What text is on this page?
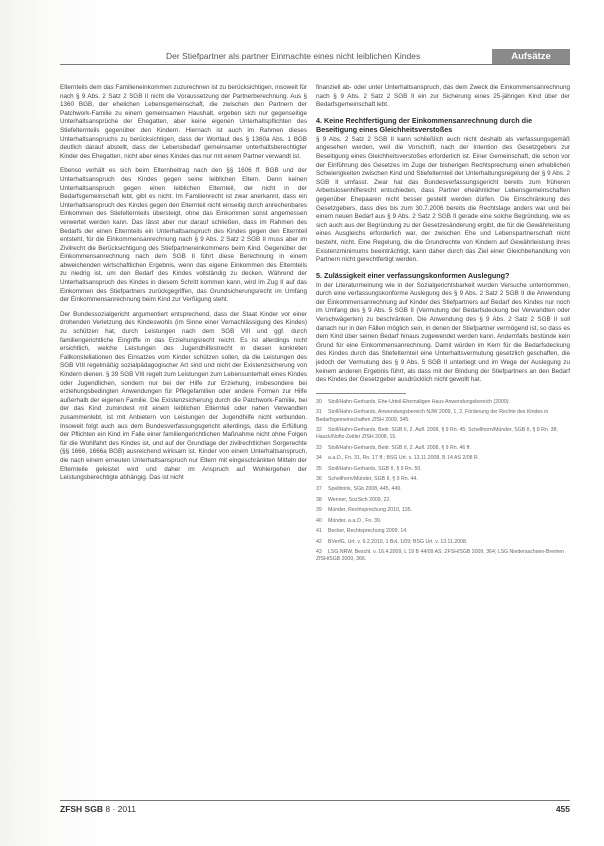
Der Stiefpartner als partner Einmachte eines nicht leiblichen Kindes	Aufsätze

Elternteils dem das Familieneinkommen zuzurechnen ist zu berücksichtigen, insoweit für nach § 9 Abs. 2 Satz 2 SGB II nicht die Voraussetzung der Partnerberechnung. Aus § 1360 BGB, der ehelichen Lebensgemeinschaft, die zwischen den Partnern der Patchwork-Familie zu einem gemeinsamen Haushalt, ergeben sich nur gegenseitige Unterhaltsansprüche der Ehegatten, aber keine eigenen Unterhaltspflichten des Stiefelternteils gegenüber den Kindern. Hiernach ist auch im Rahmen dieses Unterhaltsanspruchs zu berücksichtigen, dass der Wortlaut des § 1360a Abs. 1 BGB deutlich darauf abstellt, dass der Lebensbedarf gemeinsamer unterhaltsberechtigter Kinder des Ehegatten, nicht aber eines Kindes das nur mit einem Partner verwandt ist.

Ebenso verhält es sich beim Elternbeitrag nach den §§ 1606 ff. BGB und der Unterhaltsanspruch des Kindes gegen seine leiblichen Eltern. Denn keinen Unterhaltsanspruch gegen einen leiblichen Elternteil, der nicht in der Bedarfsgemeinschaft lebt, gibt es nicht. Im Familienrecht ist zwar anerkannt, dass ein Unterhaltsanspruch des Kindes gegen den Elternteil nicht einseitig durch anrechenbares Einkommen des Stiefelternteils übersteigt, ohne das Einkommen sonst angemessen verwertet werden kann. Das lässt aber nur darauf schließen, dass im Rahmen des Bedarfs der einen Elternteils ein Unterhaltsanspruch des Kindes gegen den Elternteil entsteht, für die Einkommensanrechnung nach § 9 Abs. 2 Satz 2 SGB II muss aber im Zivilrecht die Berücksichtigung des Stiefpartnereinkommens beim Kind. Gegenüber der Einkommensanrechnung nach dem SGB II führt diese Berechnung in einem abweichenden wirtschaftlichen Ergebnis, wenn das eigene Einkommen des Elternteils zu niedrig ist, um den Bedarf des Kindes vollständig zu decken. Während der Unterhaltsanspruch des Kindes in diesem Schritt kommen kann, wird im Zug II auf das Einkommen des Stiefpartners zurückgegriffen, das Grundsicherungsrecht im Umfang der Einkommensanrechnung beim Kind zur Verfügung steht.

Der Bundessozialgericht argumentiert entsprechend, dass der Staat Kinder vor einer drohenden Verletzung des Kindeswohls (im Sinne einer Vernachlässigung des Kindes) zu schützen hat, durch Leistungen nach dem SGB VIII und ggf. durch familiengerichtliche Eingriffe in das Erziehungsrecht reicht. Es ist allerdings nicht ersichtlich, welche Leistungen des Jugendhilfestrecht in diesen konkreten Fallkonstellationen des Einsatzes vom Kinder schützen sollen, da die Leistungen des SGB VIII regelmäßig sozialpädagogischer Art sind und nicht der Existenzsicherung von Kindern dienen. § 39 SGB VIII regelt zum Leistungen zum Lebensunterhalt eines Kindes oder Jugendlichen, sondern nur bei der Hilfe zur Erziehung, insbesondere bei erziehungsbedingten Anwendungen für Pflegefamilien oder andere Formen zur Hilfe außerhalb der eigenen Familie. Die Existenzsicherung durch die Patchwork-Familie, bei der das Kind zumindest mit einem leiblichen Elternteil oder nahen Verwandten zusammenlebt, ist mit Anbietern von Leistungen der Jugendhilfe nicht verbunden. Insoweit folgt auch aus dem Bundesverfassungsgericht allerdings, dass die Erfüllung der Pflichten ein Kind im Falle einer familiengerichtlichen Maßnahme nicht ohne Folgen für die Wohlfahrt des Kindes ist, und auf der Grundlage der zivilrechtlichen Sorgerechte (§§ 1666, 1666a BGB) ausreichend wirksam ist. Kinder von einem Unterhaltsanspruch, die nach einem erneuten Unterhaltsanspruch nur Eltern mit eingeschränkten Mitteln der Elternteile geleistet wird und daher im Anspruch auf Wohlergehen der Leistungsberechtigte abhängig. Das ist nicht

finanziell ab- oder unter Unterhaltsanspruch, das dem Zweck die Einkommensanrechnung nach § 9 Abs. 2 Satz 2 SGB II ein zur Sicherung eines 25-jährigen Kind über der Bedarfsgemeinschaft lebt.

4. Keine Rechtfertigung der Einkommensanrechnung durch die Beseitigung eines Gleichheitsverstoßes

§ 9 Abs. 2 Satz 2 SGB II kann schließlich auch nicht deshalb als verfassungsgemäß angesehen werden, weil die Vorschrift, nach der Intention des Gesetzgebers zur Beseitigung eines Gleichheitsverstoßes erforderlich ist. Einer Gemeinschaft, die schon vor der Einführung des Gesetzes im Zuge der bisherigen Rechtsprechung einen erheblichen Schwierigkeiten zwischen Kind und Stiefelternteil der Unterhaltungsregelung der § 9 Abs. 2 SGB II umfasst. Zwar hat das Bundesverfassungsgericht bereits zum früheren Arbeitslosenhilferecht entschieden, dass Partner eheähnlicher Lebensgemeinschaften gegenüber Ehepaaren nicht besser gestellt werden dürfen. Die Einschränkung des Gesetzgebers, dass dies bis zum 30.7.2006 bereits die Rechtslage anders war und bei einem neuen Bedarf aus § 9 Abs. 2 Satz 2 SGB II gerade eine solche Begründung, wie es sich auch aus der Begründung zu der Gesetzesänderung ergibt, die für die Gewährleistung eines Ausgleichs erforderlich war, der zwischen Ehe und Lebenspartnerschaft nicht besteht, nicht. Eine Regelung, die die Grundrechte von Kindern auf Gewährleistung ihres Existenzminimums beeinträchtigt, kann daher durch das Ziel einer Gleichbehandlung von Partnern nicht gerechtfertigt werden.

5. Zulässigkeit einer verfassungskonformen Auslegung?

In der Literaturmeinung wie in der Sozialgerichtsbarkeit wurden Versuche unternommen, durch eine verfassungskonforme Auslegung des § 9 Abs. 2 Satz 2 SGB II die Anwendung der Einkommensanrechnung auf Kinder des Stiefpartners auf Bedarf des Kindes nur noch im Umfang des § 9 Abs. 5 SGB II (Vermutung der Bedarfsdeckung bei Verwandten oder Verschwägerten) zu beschränken. Die Anwendung des § 9 Abs. 2 Satz 2 SGB II soll danach nur in den Fällen möglich sein, in denen der Stiefpartner vermögend ist, so dass es dem Kind über seinen Bedarf hinaus zugewendet werden kann. Andernfalls bestünde kein Grund für eine Einkommensanrechnung. Damit würden im Kern für die Bedarfsdeckung des Kindes durch das Stiefelternteil eine Unterhaltsvermutung gesetzlich geschaffen, die jedoch der Vermutung des § 9 Abs. 5 SGB II unterliegt und im Wege der Auslegung zu keinem anderen Ergebnis führt, als dass mit der Bindung der Stiefpartners an den Bedarf des Kindes der Gesetzgeber ausdrücklich nicht gewollt hat.

30 Stoll/Hahn-Gerhards, Ehe-Urteil-Ehemaligen Haus Anwendungsbereich (2009).
31 Stoll/Hahn-Gerhards, Anwendungsbereich NJW 2009, 1, 2, Förderung der Rechte des Kindes in Bedarfsgemeinschaften ZfSH 2009, 345.
32 Stoll/Hahn-Gerhards, Beitr. SGB II, 2. Aufl. 2008, § 9 Rn. 45; Schellhorn/Münder, SGB II, § 9 Rn. 38; Hauck/Noftz-Zeitler ZfSH 2008, 15.
33 Stoll/Hahn-Gerhards, Beitr. SGB II, 2. Aufl. 2008, § 9 Rn. 46 ff.
34 a.a.O., Fn. 31, Rn. 17 ff.; BSG Urt. v. 13.11.2008, B 14 AS 2/08 R.
35 Stoll/Hahn-Gerhards, SGB II, § 9 Rn. 50.
36 Schellhorn/Münder, SGB II, § 9 Rn. 44.
37 Spellbrink, SGb 2008, 445, 449.
38 Wenner, SozSich 2009, 22.
39 Münder, Rechtsprechung 2010, 135.
40 Münder, a.a.O., Fn. 39.
41 Becker, Rechtsprechung 2009, 14.
42 BVerfG, Urt. v. 9.2.2010, 1 BvL 1/09; BSG Urt. v. 13.11.2008.
43 LSG NRW, Beschl. v. 16.4.2009, L 19 B 44/09 AS; ZFSH/SGB 2009, 364; LSG Niedersachsen-Bremen ZfSH/SGB 2009, 366.
ZFSH SGB 8 · 2011	455
